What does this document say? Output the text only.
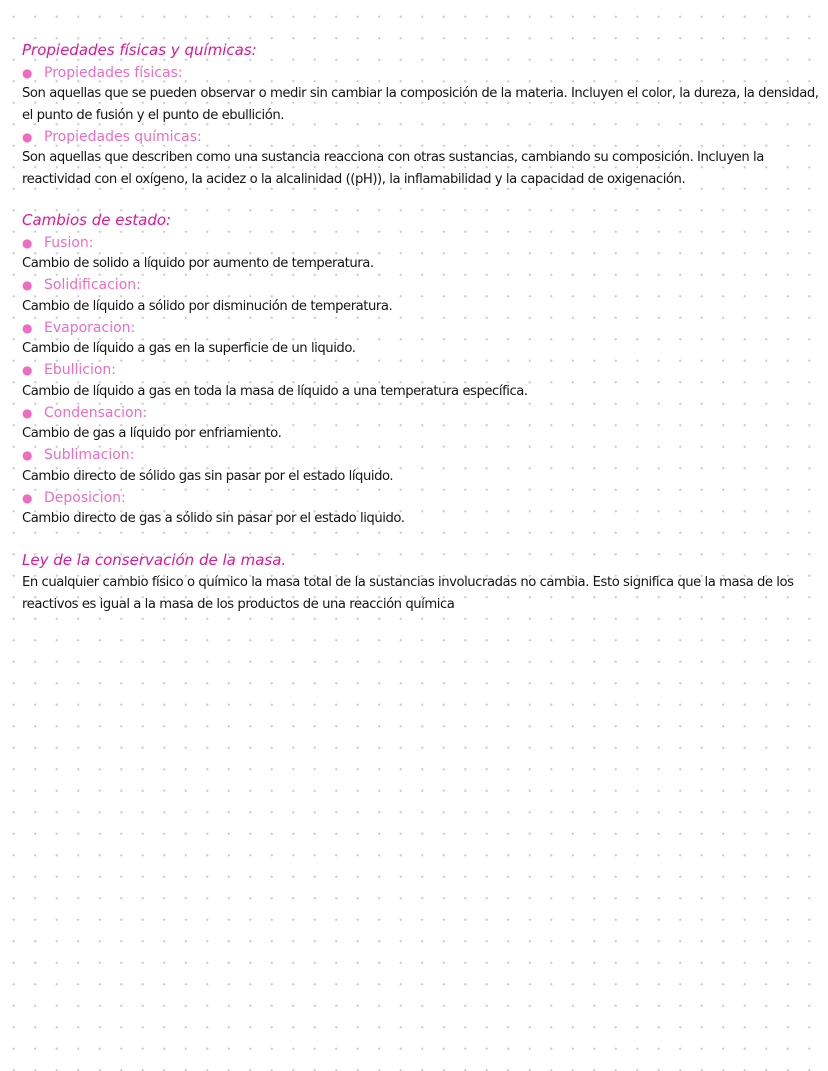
Propiedades físicas y químicas:
● Propiedades físicas:
Son aquellas que se pueden observar o medir sin cambiar la composición de la materia. Incluyen el color, la dureza, la densidad,
el punto de fusión y el punto de ebullición.
● Propiedades químicas:
Son aquellas que describen como una sustancia reacciona con otras sustancias, cambiando su composición. Incluyen la
reactividad con el oxígeno, la acidez o la alcalinidad ((pH)), la inflamabilidad y la capacidad de oxigenación.
Cambios de estado:
● Fusion:
Cambio de solido a líquido por aumento de temperatura.
● Solidificacion:
Cambio de líquido a sólido por disminución de temperatura.
● Evaporacion:
Cambio de líquido a gas en la superficie de un liquido.
● Ebullicion:
Cambio de líquido a gas en toda la masa de líquido a una temperatura específica.
● Condensacion:
Cambio de gas a líquido por enfriamiento.
● Sublimacion:
Cambio directo de sólido gas sin pasar por el estado líquido.
● Deposicion:
Cambio directo de gas a sólido sin pasar por el estado liquido.
Ley de la conservación de la masa.
En cualquier cambio físico o químico la masa total de la sustancias involucradas no cambia. Esto significa que la masa de los
reactivos es igual a la masa de los productos de una reacción química
